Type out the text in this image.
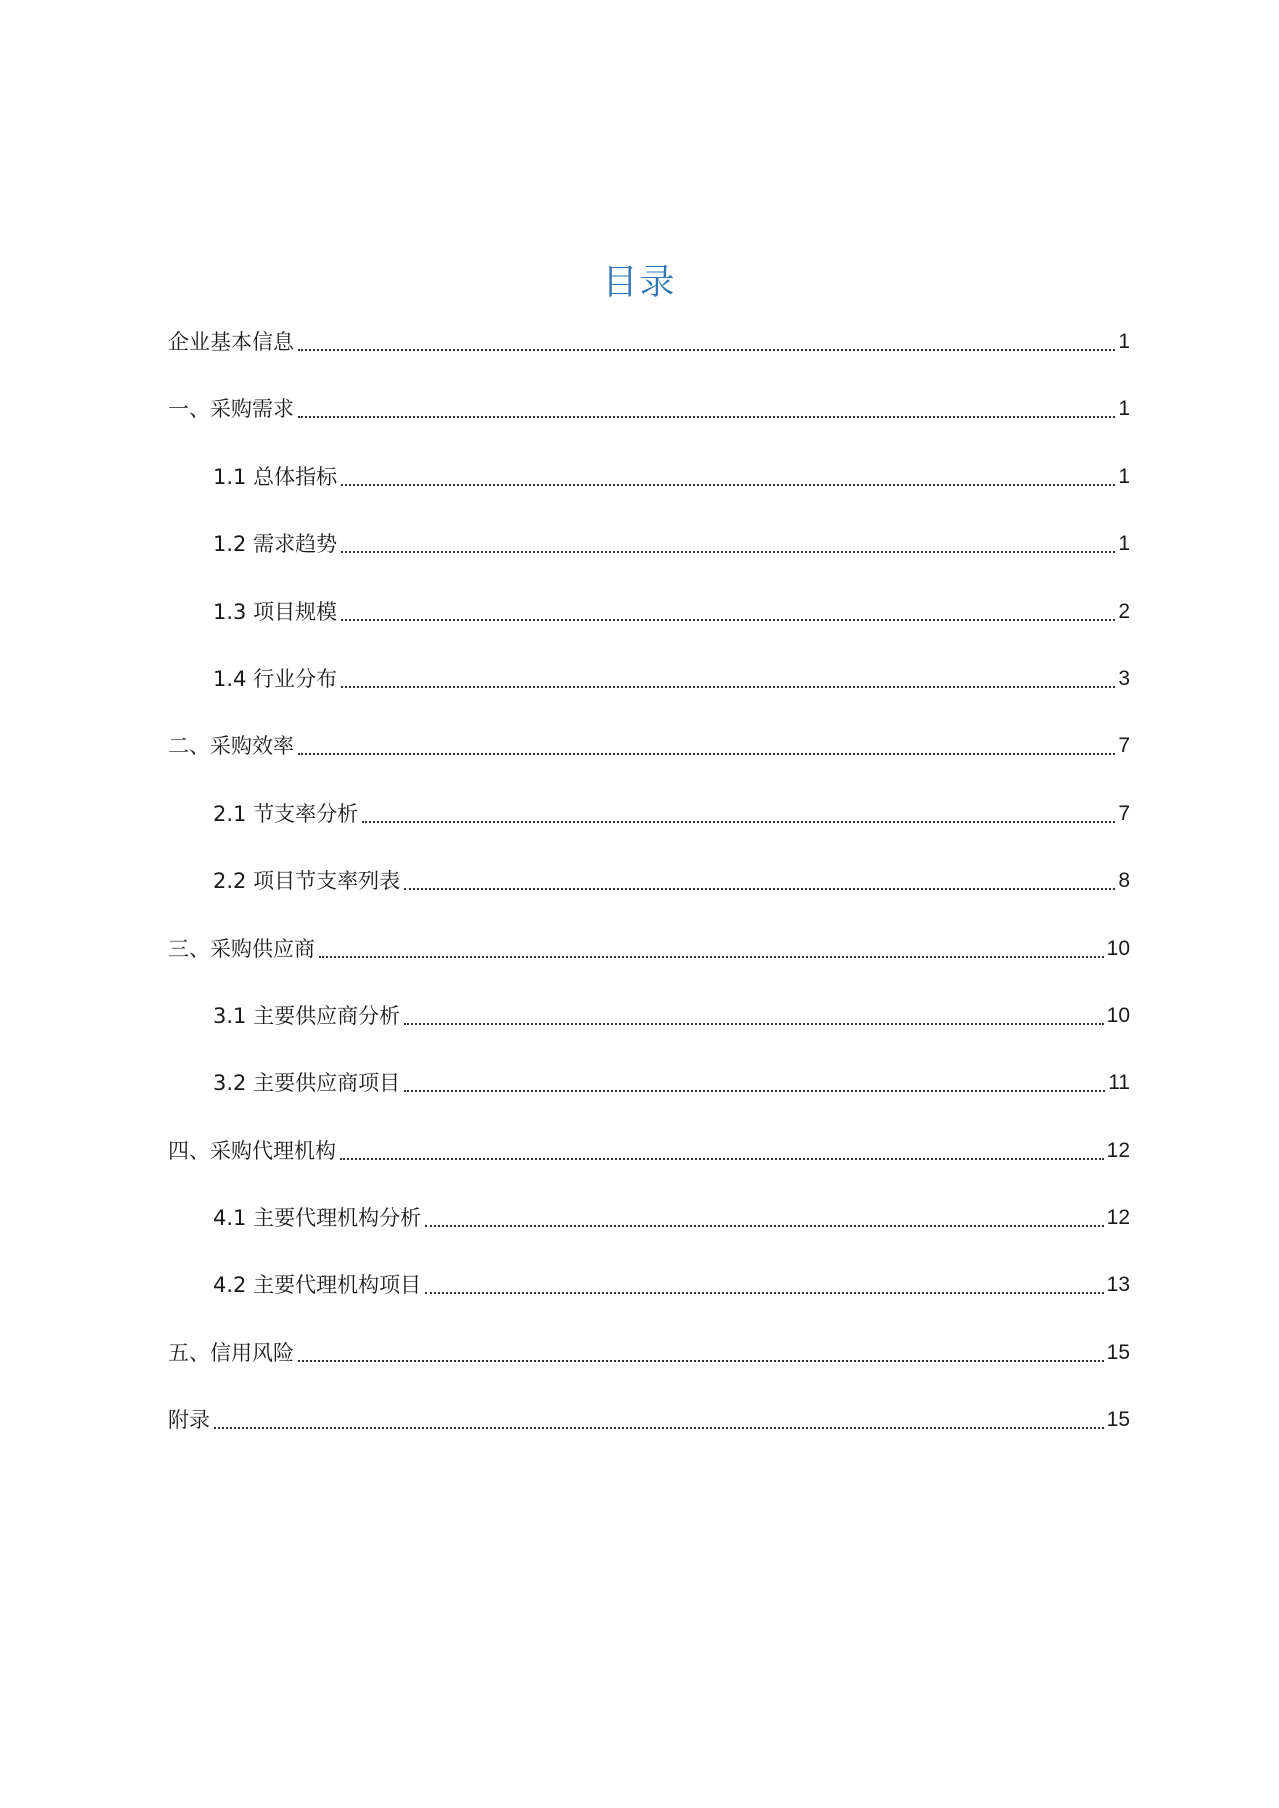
目录
企业基本信息	1
一、采购需求	1
1.1 总体指标	1
1.2 需求趋势	1
1.3 项目规模	2
1.4 行业分布	3
二、采购效率	7
2.1 节支率分析	7
2.2 项目节支率列表	8
三、采购供应商	10
3.1 主要供应商分析	10
3.2 主要供应商项目	11
四、采购代理机构	12
4.1 主要代理机构分析	12
4.2 主要代理机构项目	13
五、信用风险	15
附录	15
